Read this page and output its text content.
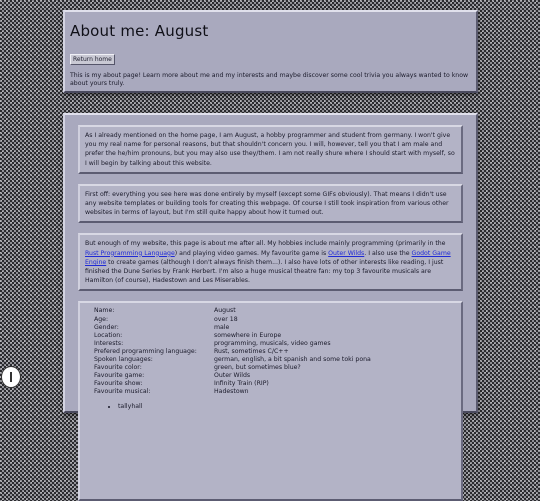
About me: August
Return home

This is my about page! Learn more about me and my interests and maybe discover some cool trivia you always wanted to know about yours truly.

As I already mentioned on the home page, I am August, a hobby programmer and student from germany. I won't give you my real name for personal reasons, but that shouldn't concern you. I will, however, tell you that I am male and prefer the he/him pronouns, but you may also use they/them. I am not really shure where I should start with myself, so I will begin by talking about this website.

First off: everything you see here was done entirely by myself (except some GIFs obviously). That means I didn't use any website templates or building tools for creating this webpage. Of course I still took inspiration from various other websites in terms of layout, but I'm still quite happy about how it turned out.

But enough of my website, this page is about me after all. My hobbies include mainly programming (primarily in the Rust Programming Language) and playing video games. My favourite game is Outer Wilds. I also use the Godot Game Engine to create games (although I don't always finish them...). I also have lots of other interests like reading, I just finished the Dune Series by Frank Herbert. I'm also a huge musical theatre fan: my top 3 favourite musicals are Hamilton (of course), Hadestown and Les Miserables.

Name:	August
Age:	over 18
Gender:	male
Location:	somewhere in Europe
Interests:	programming, musicals, video games
Prefered programming language:	Rust, sometimes C/C++
Spoken languages:	german, english, a bit spanish and some toki pona
Favourite color:	green, but sometimes blue?
Favourite game:	Outer Wilds
Favourite show:	Infinity Train (RIP)
Favourite musical:	Hadestown
• tallyhall
